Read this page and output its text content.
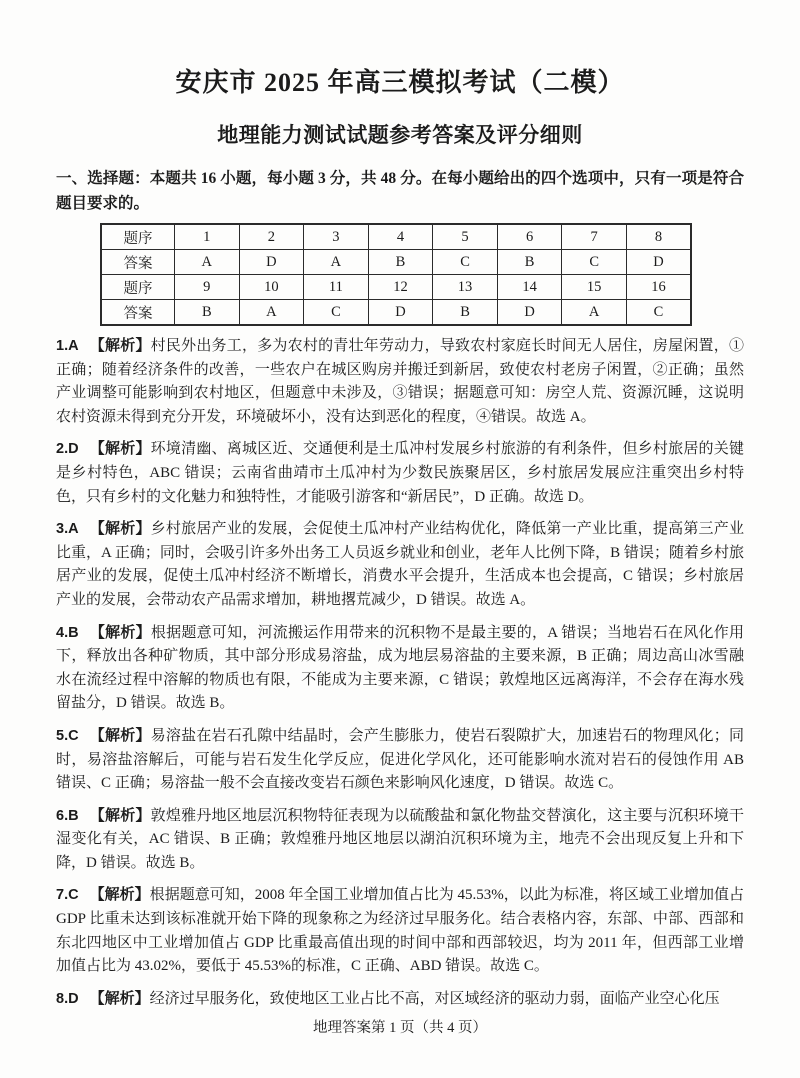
安庆市 2025 年高三模拟考试（二模）
地理能力测试试题参考答案及评分细则

一、选择题：本题共 16 小题，每小题 3 分，共 48 分。在每小题给出的四个选项中，只有一项是符合题目要求的。

题序	1	2	3	4	5	6	7	8
答案	A	D	A	B	C	B	C	D
题序	9	10	11	12	13	14	15	16
答案	B	A	C	D	B	D	A	C

1.A 【解析】村民外出务工，多为农村的青壮年劳动力，导致农村家庭长时间无人居住，房屋闲置，①正确；随着经济条件的改善，一些农户在城区购房并搬迁到新居，致使农村老房子闲置，②正确；虽然产业调整可能影响到农村地区，但题意中未涉及，③错误；据题意可知：房空人荒、资源沉睡，这说明农村资源未得到充分开发，环境破坏小，没有达到恶化的程度，④错误。故选 A。

2.D 【解析】环境清幽、离城区近、交通便利是土瓜冲村发展乡村旅游的有利条件，但乡村旅居的关键是乡村特色，ABC 错误；云南省曲靖市土瓜冲村为少数民族聚居区，乡村旅居发展应注重突出乡村特色，只有乡村的文化魅力和独特性，才能吸引游客和“新居民”，D 正确。故选 D。

3.A 【解析】乡村旅居产业的发展，会促使土瓜冲村产业结构优化，降低第一产业比重，提高第三产业比重，A 正确；同时，会吸引许多外出务工人员返乡就业和创业，老年人比例下降，B 错误；随着乡村旅居产业的发展，促使土瓜冲村经济不断增长，消费水平会提升，生活成本也会提高，C 错误；乡村旅居产业的发展，会带动农产品需求增加，耕地撂荒减少，D 错误。故选 A。

4.B 【解析】根据题意可知，河流搬运作用带来的沉积物不是最主要的，A 错误；当地岩石在风化作用下，释放出各种矿物质，其中部分形成易溶盐，成为地层易溶盐的主要来源，B 正确；周边高山冰雪融水在流经过程中溶解的物质也有限，不能成为主要来源，C 错误；敦煌地区远离海洋，不会存在海水残留盐分，D 错误。故选 B。

5.C 【解析】易溶盐在岩石孔隙中结晶时，会产生膨胀力，使岩石裂隙扩大，加速岩石的物理风化；同时，易溶盐溶解后，可能与岩石发生化学反应，促进化学风化，还可能影响水流对岩石的侵蚀作用 AB 错误、C 正确；易溶盐一般不会直接改变岩石颜色来影响风化速度，D 错误。故选 C。

6.B 【解析】敦煌雅丹地区地层沉积物特征表现为以硫酸盐和氯化物盐交替演化，这主要与沉积环境干湿变化有关，AC 错误、B 正确；敦煌雅丹地区地层以湖泊沉积环境为主，地壳不会出现反复上升和下降，D 错误。故选 B。

7.C 【解析】根据题意可知，2008 年全国工业增加值占比为 45.53%，以此为标准，将区域工业增加值占 GDP 比重未达到该标准就开始下降的现象称之为经济过早服务化。结合表格内容，东部、中部、西部和东北四地区中工业增加值占 GDP 比重最高值出现的时间中部和西部较迟，均为 2011 年，但西部工业增加值占比为 43.02%，要低于 45.53%的标准，C 正确、ABD 错误。故选 C。

8.D 【解析】经济过早服务化，致使地区工业占比不高，对区域经济的驱动力弱，面临产业空心化压

地理答案第 1 页（共 4 页）
